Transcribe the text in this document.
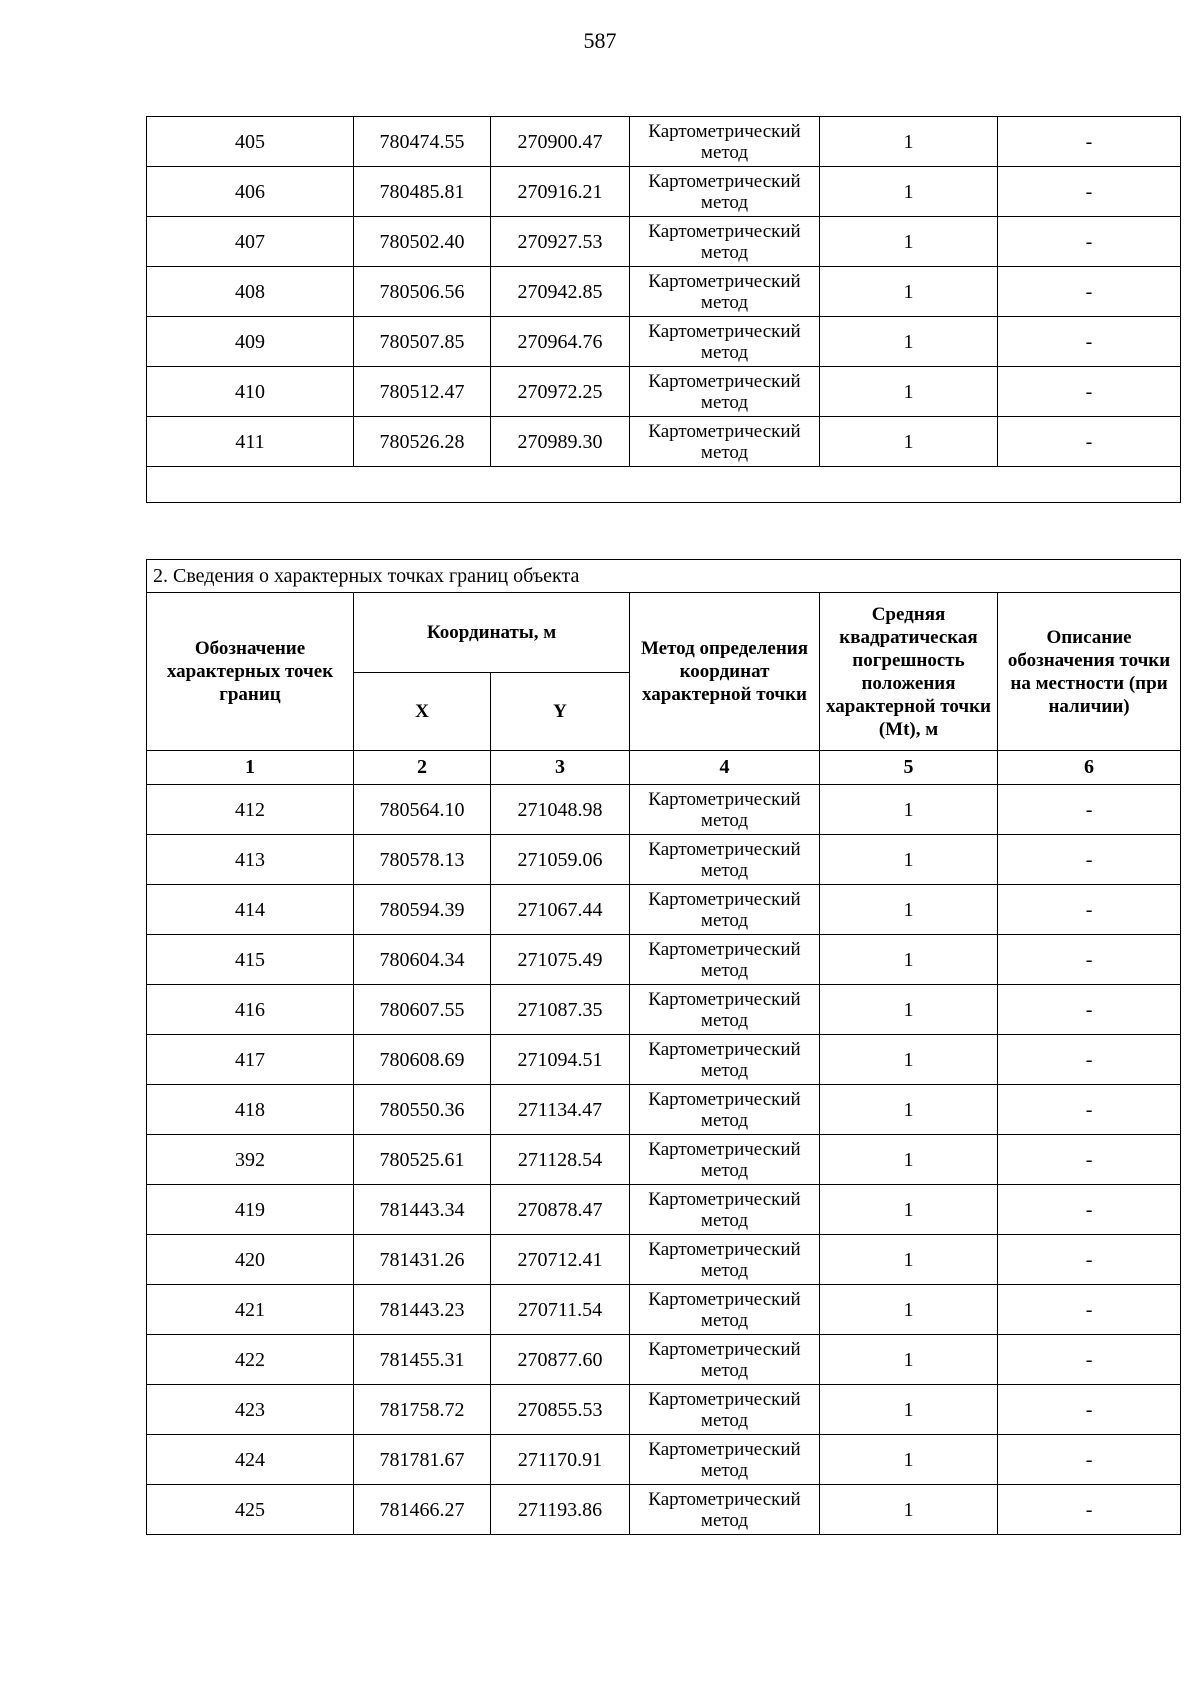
587
405	780474.55	270900.47	Картометрический метод	1	-
406	780485.81	270916.21	Картометрический метод	1	-
407	780502.40	270927.53	Картометрический метод	1	-
408	780506.56	270942.85	Картометрический метод	1	-
409	780507.85	270964.76	Картометрический метод	1	-
410	780512.47	270972.25	Картометрический метод	1	-
411	780526.28	270989.30	Картометрический метод	1	-

2. Сведения о характерных точках границ объекта					
Обозначение характерных точек границ	Координаты, м		Метод определения координат характерной точки	Средняя квадратическая погрешность положения характерной точки (Mt), м	Описание обозначения точки на местности (при наличии)
	X	Y			
1	2	3	4	5	6
412	780564.10	271048.98	Картометрический метод	1	-
413	780578.13	271059.06	Картометрический метод	1	-
414	780594.39	271067.44	Картометрический метод	1	-
415	780604.34	271075.49	Картометрический метод	1	-
416	780607.55	271087.35	Картометрический метод	1	-
417	780608.69	271094.51	Картометрический метод	1	-
418	780550.36	271134.47	Картометрический метод	1	-
392	780525.61	271128.54	Картометрический метод	1	-
419	781443.34	270878.47	Картометрический метод	1	-
420	781431.26	270712.41	Картометрический метод	1	-
421	781443.23	270711.54	Картометрический метод	1	-
422	781455.31	270877.60	Картометрический метод	1	-
423	781758.72	270855.53	Картометрический метод	1	-
424	781781.67	271170.91	Картометрический метод	1	-
425	781466.27	271193.86	Картометрический метод	1	-
